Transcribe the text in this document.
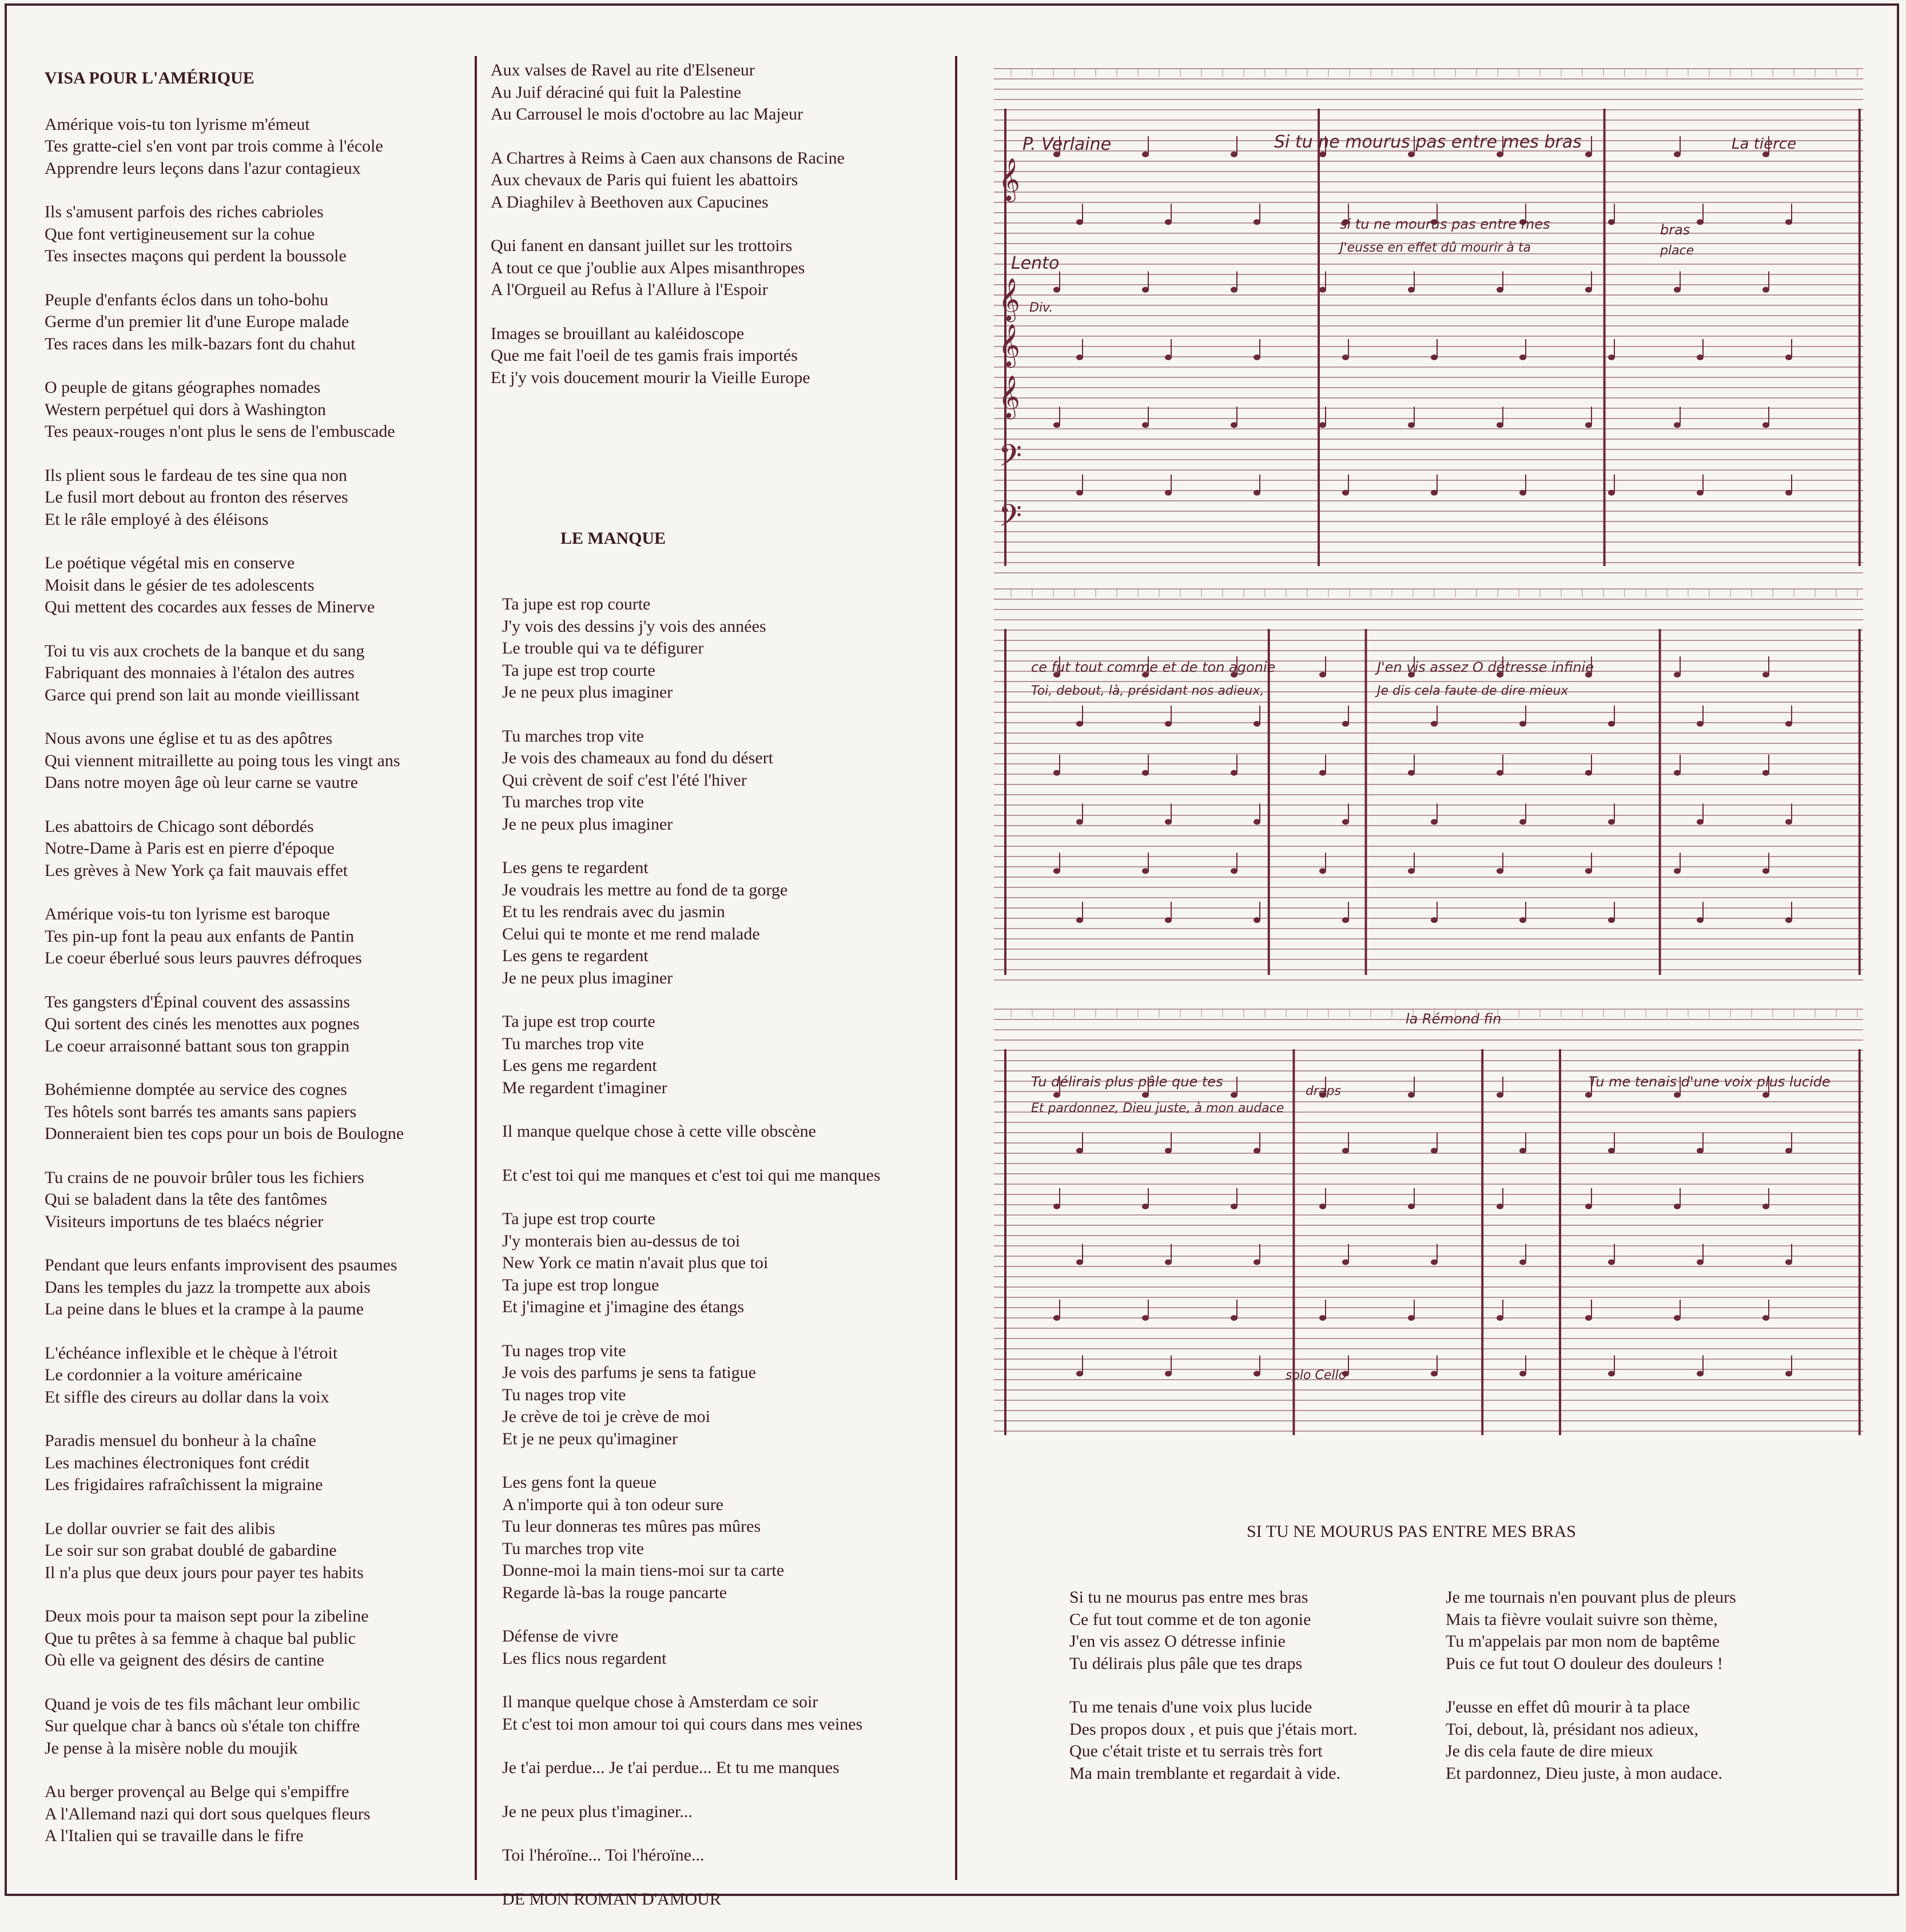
VISA POUR L'AMÉRIQUE
Amérique vois-tu ton lyrisme m'émeut
Tes gratte-ciel s'en vont par trois comme à l'école
Apprendre leurs leçons dans l'azur contagieux
Ils s'amusent parfois des riches cabrioles
Que font vertigineusement sur la cohue
Tes insectes maçons qui perdent la boussole
Peuple d'enfants éclos dans un toho-bohu
Germe d'un premier lit d'une Europe malade
Tes races dans les milk-bazars font du chahut
O peuple de gitans géographes nomades
Western perpétuel qui dors à Washington
Tes peaux-rouges n'ont plus le sens de l'embuscade
Ils plient sous le fardeau de tes sine qua non
Le fusil mort debout au fronton des réserves
Et le râle employé à des éléisons
Le poétique végétal mis en conserve
Moisit dans le gésier de tes adolescents
Qui mettent des cocardes aux fesses de Minerve
Toi tu vis aux crochets de la banque et du sang
Fabriquant des monnaies à l'étalon des autres
Garce qui prend son lait au monde vieillissant
Nous avons une église et tu as des apôtres
Qui viennent mitraillette au poing tous les vingt ans
Dans notre moyen âge où leur carne se vautre
Les abattoirs de Chicago sont débordés
Notre-Dame à Paris est en pierre d'époque
Les grèves à New York ça fait mauvais effet
Amérique vois-tu ton lyrisme est baroque
Tes pin-up font la peau aux enfants de Pantin
Le coeur éberlué sous leurs pauvres défroques
Tes gangsters d'Épinal couvent des assassins
Qui sortent des cinés les menottes aux pognes
Le coeur arraisonné battant sous ton grappin
Bohémienne domptée au service des cognes
Tes hôtels sont barrés tes amants sans papiers
Donneraient bien tes cops pour un bois de Boulogne
Tu crains de ne pouvoir brûler tous les fichiers
Qui se baladent dans la tête des fantômes
Visiteurs importuns de tes blaécs négrier
Pendant que leurs enfants improvisent des psaumes
Dans les temples du jazz la trompette aux abois
La peine dans le blues et la crampe à la paume
L'échéance inflexible et le chèque à l'étroit
Le cordonnier a la voiture américaine
Et siffle des cireurs au dollar dans la voix
Paradis mensuel du bonheur à la chaîne
Les machines électroniques font crédit
Les frigidaires rafraîchissent la migraine
Le dollar ouvrier se fait des alibis
Le soir sur son grabat doublé de gabardine
Il n'a plus que deux jours pour payer tes habits
Deux mois pour ta maison sept pour la zibeline
Que tu prêtes à sa femme à chaque bal public
Où elle va geignent des désirs de cantine
Quand je vois de tes fils mâchant leur ombilic
Sur quelque char à bancs où s'étale ton chiffre
Je pense à la misère noble du moujik
Au berger provençal au Belge qui s'empiffre
A l'Allemand nazi qui dort sous quelques fleurs
A l'Italien qui se travaille dans le fifre
Aux valses de Ravel au rite d'Elseneur
Au Juif déraciné qui fuit la Palestine
Au Carrousel le mois d'octobre au lac Majeur
A Chartres à Reims à Caen aux chansons de Racine
Aux chevaux de Paris qui fuient les abattoirs
A Diaghilev à Beethoven aux Capucines
Qui fanent en dansant juillet sur les trottoirs
A tout ce que j'oublie aux Alpes misanthropes
A l'Orgueil au Refus à l'Allure à l'Espoir
Images se brouillant au kaléidoscope
Que me fait l'oeil de tes gamis frais importés
Et j'y vois doucement mourir la Vieille Europe
LE MANQUE
Ta jupe est rop courte
J'y vois des dessins j'y vois des années
Le trouble qui va te défigurer
Ta jupe est trop courte
Je ne peux plus imaginer
Tu marches trop vite
Je vois des chameaux au fond du désert
Qui crèvent de soif c'est l'été l'hiver
Tu marches trop vite
Je ne peux plus imaginer
Les gens te regardent
Je voudrais les mettre au fond de ta gorge
Et tu les rendrais avec du jasmin
Celui qui te monte et me rend malade
Les gens te regardent
Je ne peux plus imaginer
Ta jupe est trop courte
Tu marches trop vite
Les gens me regardent
Me regardent t'imaginer
Il manque quelque chose à cette ville obscène
Et c'est toi qui me manques et c'est toi qui me manques
Ta jupe est trop courte
J'y monterais bien au-dessus de toi
New York ce matin n'avait plus que toi
Ta jupe est trop longue
Et j'imagine et j'imagine des étangs
Tu nages trop vite
Je vois des parfums je sens ta fatigue
Tu nages trop vite
Je crève de toi je crève de moi
Et je ne peux qu'imaginer
Les gens font la queue
A n'importe qui à ton odeur sure
Tu leur donneras tes mûres pas mûres
Tu marches trop vite
Donne-moi la main tiens-moi sur ta carte
Regarde là-bas la rouge pancarte
Défense de vivre
Les flics nous regardent
Il manque quelque chose à Amsterdam ce soir
Et c'est toi mon amour toi qui cours dans mes veines
Je t'ai perdue... Je t'ai perdue... Et tu me manques
Je ne peux plus t'imaginer...
Toi l'héroïne... Toi l'héroïne...
DE MON ROMAN D'AMOUR
𝄞
𝄞
𝄞
𝄞
𝄢
𝄢
P. Verlaine	Si tu ne mourus pas entre mes bras	La tierce
Lento
Div.
si tu ne mourus pas entre mes
J'eusse en effet dû mourir à ta
bras
place
ce fut tout comme et de ton agonie
Toi, debout, là, présidant nos adieux,
J'en vis assez O détresse infinie
Je dis cela faute de dire mieux
la Rémond fin
Tu délirais plus pâle que tes
Et pardonnez, Dieu juste, à mon audace
draps
Tu me tenais d'une voix plus lucide
solo Cello
SI TU NE MOURUS PAS ENTRE MES BRAS
Si tu ne mourus pas entre mes bras
Ce fut tout comme et de ton agonie
J'en vis assez O détresse infinie
Tu délirais plus pâle que tes draps
Tu me tenais d'une voix plus lucide
Des propos doux , et puis que j'étais mort.
Que c'était triste et tu serrais très fort
Ma main tremblante et regardait à vide.
Je me tournais n'en pouvant plus de pleurs
Mais ta fièvre voulait suivre son thème,
Tu m'appelais par mon nom de baptême
Puis ce fut tout O douleur des douleurs !
J'eusse en effet dû mourir à ta place
Toi, debout, là, présidant nos adieux,
Je dis cela faute de dire mieux
Et pardonnez, Dieu juste, à mon audace.
